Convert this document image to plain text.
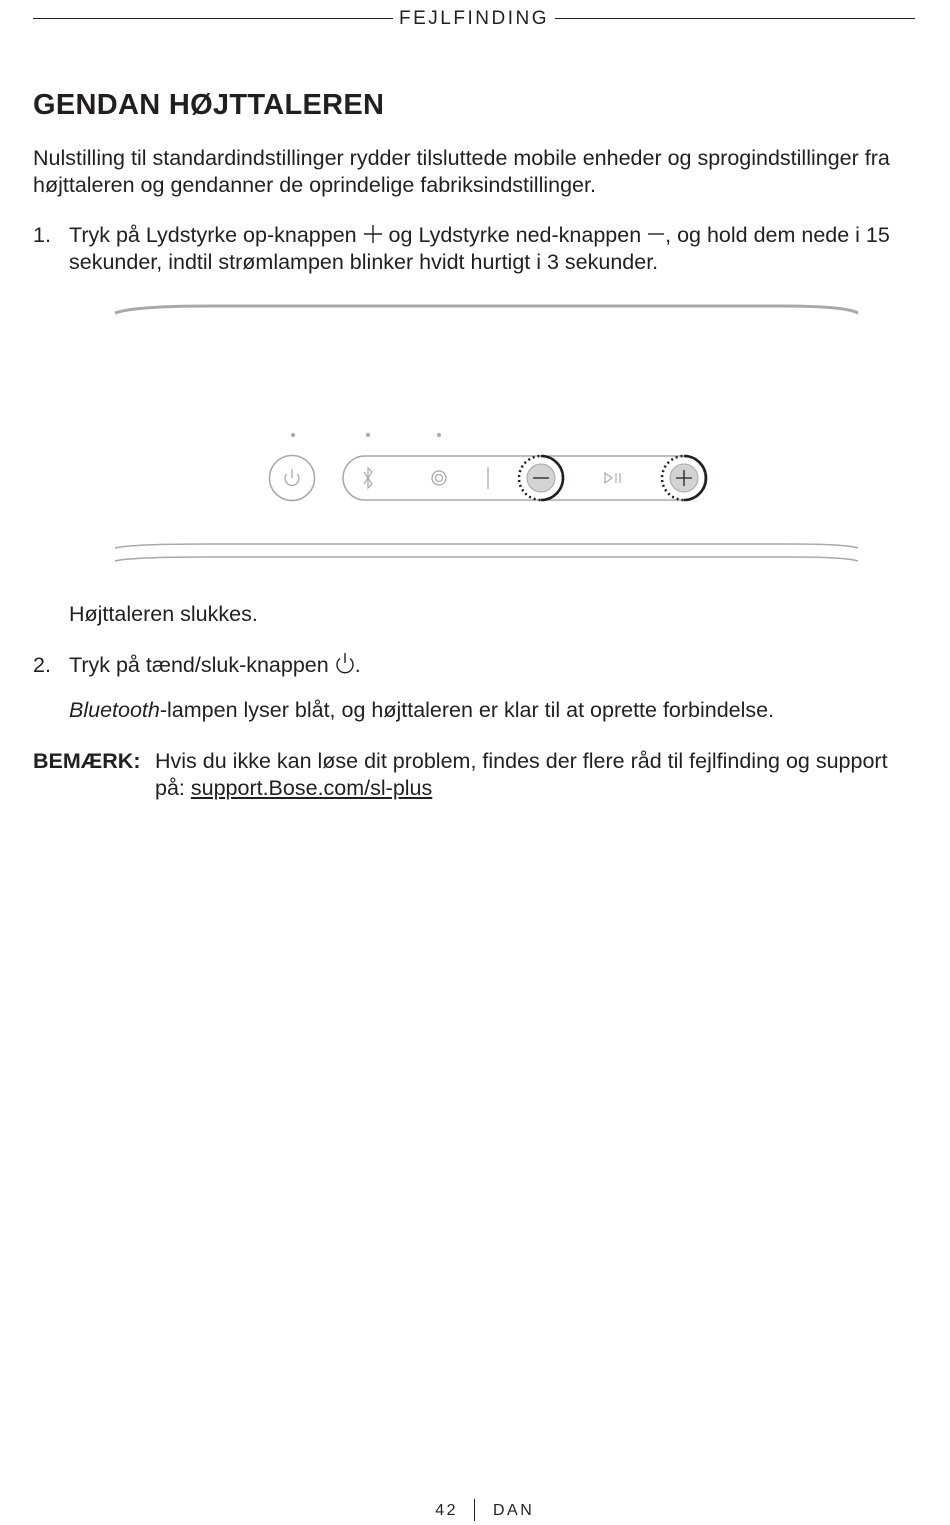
FEJLFINDING
GENDAN HØJTTALEREN

Nulstilling til standardindstillinger rydder tilsluttede mobile enheder og sprogindstillinger fra højttaleren og gendanner de oprindelige fabriksindstillinger.

1. Tryk på Lydstyrke op-knappen  og Lydstyrke ned-knappen , og hold dem nede i 15 sekunder, indtil strømlampen blinker hvidt hurtigt i 3 sekunder.

Højttaleren slukkes.

2. Tryk på tænd/sluk-knappen .

Bluetooth-lampen lyser blåt, og højttaleren er klar til at oprette forbindelse.

BEMÆRK: Hvis du ikke kan løse dit problem, findes der flere råd til fejlfinding og support på: support.Bose.com/sl-plus
42 DAN
